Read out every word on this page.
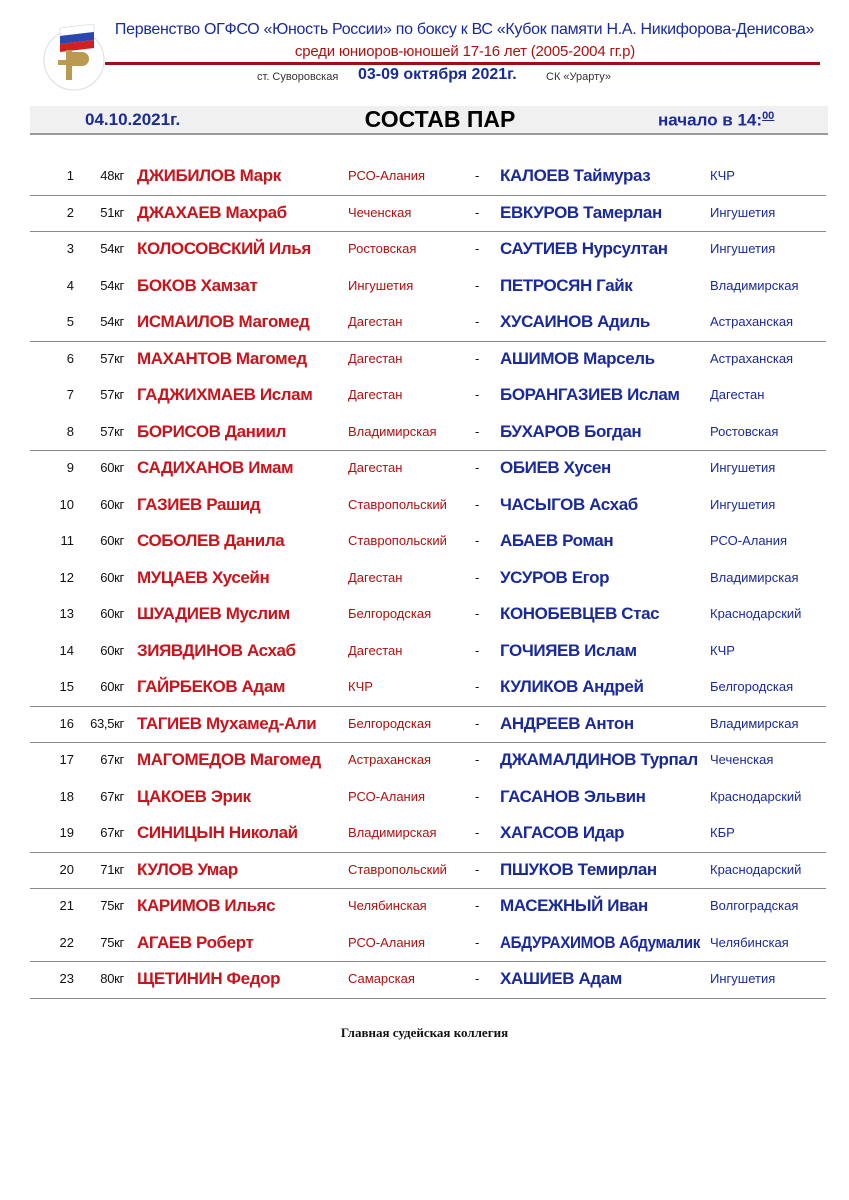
Первенство ОГФСО «Юность России» по боксу к ВС «Кубок памяти Н.А. Никифорова-Денисова»
среди юниоров-юношей 17-16 лет (2005-2004 гг.р)
ст. Суворовская 03-09 октября 2021г.	СК «Урарту»
04.10.2021г.	СОСТАВ ПАР	начало в 14:$^{00}$
1	48кг ДЖИБИЛОВ Марк	РСО-Алания	- КАЛОЕВ Таймураз	КЧР
2	51кг ДЖАХАЕВ Махраб	Чеченская	- ЕВКУРОВ Тамерлан	Ингушетия
3	54кг КОЛОСОВСКИЙ Илья	Ростовская	- САУТИЕВ Нурсултан	Ингушетия
4	54кг БОКОВ Хамзат	Ингушетия	- ПЕТРОСЯН Гайк	Владимирская
5	54кг ИСМАИЛОВ Магомед	Дагестан	- ХУСАИНОВ Адиль	Астраханская
6	57кг МАХАНТОВ Магомед	Дагестан	- АШИМОВ Марсель	Астраханская
7	57кг ГАДЖИХМАЕВ Ислам	Дагестан	- БОРАНГАЗИЕВ Ислам Дагестан
8	57кг БОРИСОВ Даниил	Владимирская	- БУХАРОВ Богдан	Ростовская
9	60кг САДИХАНОВ Имам	Дагестан	- ОБИЕВ Хусен	Ингушетия
10	60кг ГАЗИЕВ Рашид	Ставропольский - ЧАСЫГОВ Асхаб	Ингушетия
11	60кг СОБОЛЕВ Данила	Ставропольский - АБАЕВ Роман	РСО-Алания
12	60кг МУЦАЕВ Хусейн	Дагестан	- УСУРОВ Егор	Владимирская
13	60кг ШУАДИЕВ Муслим	Белгородская	- КОНОБЕВЦЕВ Стас	Краснодарский
14	60кг ЗИЯВДИНОВ Асхаб	Дагестан	- ГОЧИЯЕВ Ислам	КЧР
15	60кг ГАЙРБЕКОВ Адам	КЧР	- КУЛИКОВ Андрей	Белгородская
16	63,5кг ТАГИЕВ Мухамед-Али Белгородская	- АНДРЕЕВ Антон	Владимирская
17	67кг МАГОМЕДОВ Магомед Астраханская	- ДЖАМАЛДИНОВ Турпал Чеченская
18	67кг ЦАКОЕВ Эрик	РСО-Алания	- ГАСАНОВ Эльвин	Краснодарский
19	67кг СИНИЦЫН Николай	Владимирская	- ХАГАСОВ Идар	КБР
20	71кг КУЛОВ Умар	Ставропольский - ПШУКОВ Темирлан	Краснодарский
21	75кг КАРИМОВ Ильяс	Челябинская	- МАСЕЖНЫЙ Иван	Волгоградская
22	75кг АГАЕВ Роберт	РСО-Алания	- АБДУРАХИМОВ Абдумалик Челябинская
23	80кг ЩЕТИНИН Федор	Самарская	- ХАШИЕВ Адам	Ингушетия
Главная судейская коллегия
